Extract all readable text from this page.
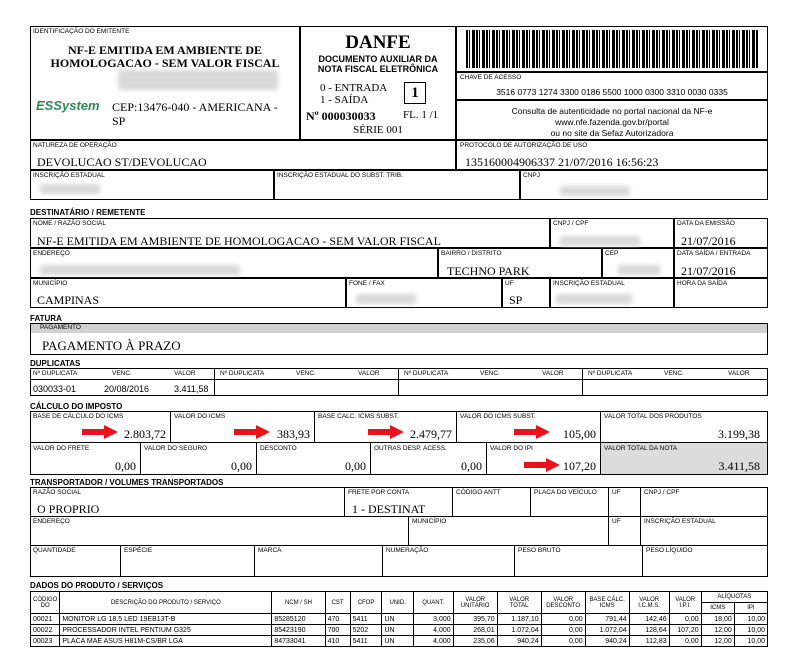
IDENTIFICAÇÃO DO EMITENTE
NF-E EMITIDA EM AMBIENTE DE HOMOLOGACAO - SEM VALOR FISCAL
ESSystem CEP:13476-040 - AMERICANA - SP
DANFE
DOCUMENTO AUXILIAR DA NOTA FISCAL ELETRÔNICA
0 - ENTRADA
1 - SAÍDA	1
Nº 000030033 FL. 1 /1
SÉRIE 001
CHAVE DE ACESSO
3516 0773 1274 3300 0186 5500 1000 0300 3310 0030 0335
Consulta de autenticidade no portal nacional da NF-e
www.nfe.fazenda.gov.br/portal
ou no site da Sefaz Autorizadora
NATUREZA DE OPERAÇÃO
DEVOLUCAO ST/DEVOLUCAO
PROTOCOLO DE AUTORIZAÇÃO DE USO
135160004906337 21/07/2016 16:56:23
INSCRIÇÃO ESTADUAL	INSCRIÇÃO ESTADUAL DO SUBST. TRIB.	CNPJ
DESTINATÁRIO / REMETENTE
NOME / RAZÃO SOCIAL
NF-E EMITIDA EM AMBIENTE DE HOMOLOGACAO - SEM VALOR FISCAL
CNPJ / CPF	DATA DA EMISSÃO
21/07/2016
ENDEREÇO	BAIRRO / DISTRITO
TECHNO PARK
CEP	DATA SAÍDA / ENTRADA
21/07/2016
MUNICÍPIO
CAMPINAS
FONE / FAX	UF
SP
INSCRIÇÃO ESTADUAL	HORA DA SAÍDA
FATURA
PAGAMENTO
PAGAMENTO À PRAZO
DUPLICATAS
Nº DUPLICATA	VENC.	VALOR	Nº DUPLICATA	VENC.	VALOR	Nº DUPLICATA	VENC.	VALOR	Nº DUPLICATA	VENC.	VALOR
030033-01	20/08/2016	3.411,58
CÁLCULO DO IMPOSTO
BASE DE CÁLCULO DO ICMS
2.803,72
VALOR DO ICMS
383,93
BASE CALC. ICMS SUBST.
2.479,77
VALOR DO ICMS SUBST.
105,00
VALOR TOTAL DOS PRODUTOS
3.199,38
VALOR DO FRETE
0,00
VALOR DO SEGURO
0,00
DESCONTO
0,00
OUTRAS DESP. ACESS.
0,00
VALOR DO IPI
107,20
VALOR TOTAL DA NOTA
3.411,58
TRANSPORTADOR / VOLUMES TRANSPORTADOS
RAZÃO SOCIAL
O PROPRIO
FRETE POR CONTA
1 - DESTINAT
CÓDIGO ANTT	PLACA DO VEÍCULO UF	CNPJ / CPF
ENDEREÇO	MUNICÍPIO	UF	INSCRIÇÃO ESTADUAL
QUANTIDADE	ESPÉCIE	MARCA	NUMERAÇÃO	PESO BRUTO	PESO LÍQUIDO
DADOS DO PRODUTO / SERVIÇOS
CÓDIGO DO	DESCRIÇÃO DO PRODUTO / SERVIÇO	NCM / SH	CST	CFOP	UNID.	QUANT.	VALOR UNITÁRIO	VALOR TOTAL	VALOR DESCONTO	BASE CÁLC. ICMS	VALOR I.C.M.S.	VALOR I.P.I.	ALÍQUOTAS	
													ICMS	IPI
00021	MONITOR LG 18.5 LED 19EB13T-B	85285120	470	5411	UN	3,000	395,70	1.187,10	0,00	791,44	142,46	0,00	18,00	10,00
00022	PROCESSADOR INTEL PENTIUM G325	85423190	700	5202	UN	4,000	268,01	1.072,04	0,00	1.072,04	128,64	107,20	12,00	10,00
00023	PLACA MAE ASUS H81M-CS/BR LGA	84733041	410	5411	UN	4,000	235,06	940,24	0,00	940,24	112,83	0,00	12,00	10,00
